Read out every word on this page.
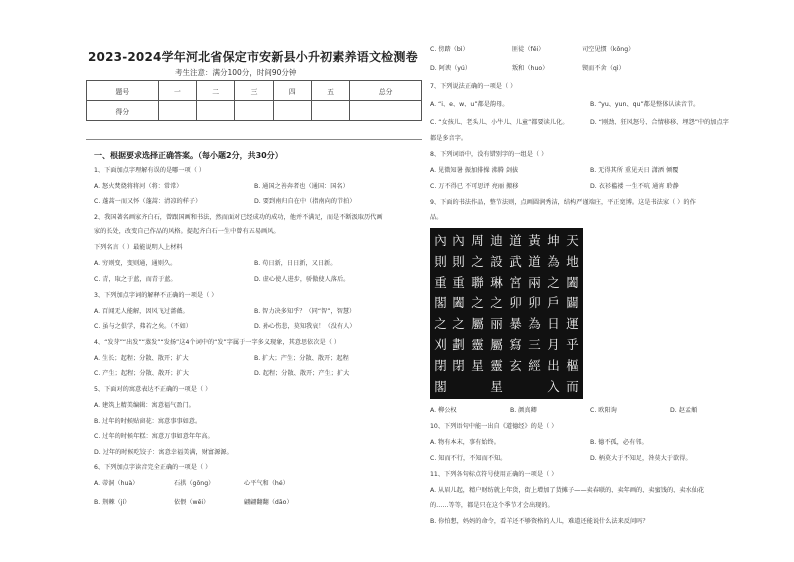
2023-2024学年河北省保定市安新县小升初素养语文检测卷
考生注意：满分100分，时间90分钟
题号	一	二	三	四	五	总分
得分						
一、根据要求选择正确答案。（每小题2分，共30分）
1、下面加点字理解有误的是哪一项（ ）
A. 怒火焚烧将将河（将：常常）	B. 通国之善奔者也（通国：国名）
C. 蓬蒿一而又怀（蓬蒿：清凉的样子）	D. 要到南归自在中（指南向的节拍）
2、我国著名画家齐白石，曾跟国画和书法，然而面对已经成功的成功，他并不满足，而是不断汲取历代画
家的长处，改变自己作品的风格。提起齐白石一生中曾有五易画风。
下列名言（ ）最能说明人上材料
A. 穷则变，变则通，通则久。	B. 苟日新，日日新，又日新。
C. 青，取之于蓝，而青于蓝。	D. 虚心使人进步，骄傲使人落后。
3、下列加点字词的解释不正确的一项是（ ）
A. 百闻无人能解，因风飞过蔷薇。	B. 智力决多知乎？（同“智”，智慧）
C. 虽与之俱学，弗若之矣。（不如）	D. 孙心伤悲，莫知我哀！（没有人）
4、“发芽”“出发”“蒸发”“发扬”这4个词中的“发”字属于一字多义现象，其意思依次是（ ）
A. 生长；起程；分散、散开；扩大	B. 扩大；产生；分散、散开；起程
C. 产生；起程；分散、散开；扩大	D. 起程；分散、散开；产生；扩大
5、下面对的寓意表达不正确的一项是（ ）
A. 建筑上精美编辑：寓意福气盈门。
B. 过年的时候贴窗花：寓意事事如意。
C. 过年的时候年糕：寓意万事如意年年高。
D. 过年的时候吃饺子：寓意幸福美满，财富源源。
6、下列加点字读音完全正确的一项是（ ）
A. 蒂洞（huà）	石拱（gōng）	心平气和（hé）
B. 荆棘（jí）	依偎（wēi）	翩翩翻翻（dāo）
C. 傍踏（bì）	匪徒（fěi）	司空见惯（kōng）
D. 阿谀（yú）	叛和（huo）	锲而不舍（qì）
7、下列说法正确的一项是（ ）
A. “i、e、w、u”都是韵母。	B. “yu、yun、qu”都是整体认读音节。
C. “女孩儿、老头儿、小牛儿、儿童”都要读儿化。	D. “刚劲、狂风怒号、合情移移、埋怨”中的加点字
都是多音字。
8、下列词语中，没有错别字的一组是（ ）
A. 见微知暑 振加排操 沸腾 剑拔	B. 无得其所 重见天日 潇洒 倾覆
C. 万不得已 不可思评 亮丽 搬移	D. 衣衫褴褛 一生不吭 通宵 聆静
9、下面的书法作品，整节法则，点画圆润秀洁，结构严谨端庄，平正宽博。这是书法家（ ）的作
品。
天地闔闢運乎樞而
坤為之戶日月出入
黃道兩卯為三經
道武宮卯暴寫玄
迪設琳之丽屬靈星
周之聯之屬靈星
內則重闔之劃閉
內則重閣之刈閉閣
A. 柳公权	B. 颜真卿	C. 欧阳询	D. 赵孟頫
10、下列语句中能一出自《道德经》的是（ ）
A. 物有本末，事有始终。	B. 德不孤，必有邻。
C. 知而不行，不知而不知。	D. 柄莫大于不知足，咎莫大于欲得。
11、下列各句标点符号使用正确的一项是（ ）
A. 从眉儿起，精户财纺就上年货，街上增加了货摊子——卖春联的、卖年画的、卖蜜饯的、卖水仙花
的……等等，都是只在这个季节才会出现的。
B. 你怕想，妈妈的命令，看羊还不够资格的人儿，难道还能说什么法来反问吗？
